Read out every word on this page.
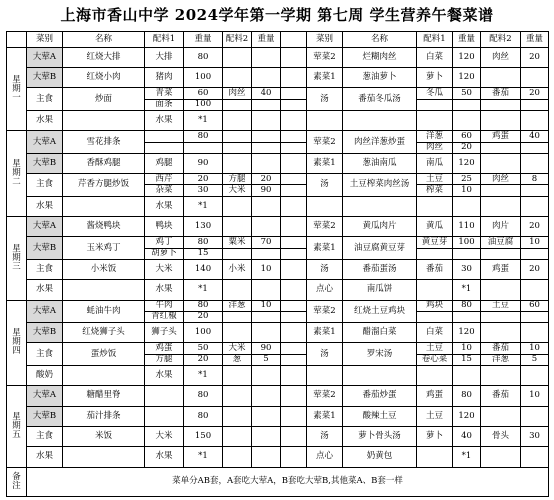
上海市香山中学 2024学年第一学期 第七周 学生营养午餐菜谱
	菜别	名称	配料1	重量	配料2	重量		菜别	名称	配料1	重量	配料2	重量

星
期
一	大荤A	红烧大排	大排	80				荤菜2	烂糊肉丝	白菜	120	肉丝	20
	大荤B	红烧小肉	猪肉	100				素菜1	葱油萝卜	萝卜	120		
	主食	炒面	青菜	60	肉丝	40		汤	番茄冬瓜汤	冬瓜	50	番茄	20
			面条	100									
	水果		水果	*1									

星
期
二	大荤A	雪花排条		80				荤菜2	肉丝洋葱炒蛋	洋葱	60	鸡蛋	40
										肉丝	20		
	大荤B	香酥鸡腿	鸡腿	90				素菜1	葱油南瓜	南瓜	120		
	主食	芹香方腿炒饭	西芹	20	方腿	20		汤	土豆榨菜肉丝汤	土豆	25	肉丝	8
			杂菜	30	大米	90				榨菜	10		
	水果		水果	*1									

星
期
三	大荤A	酱烧鸭块	鸭块	130				荤菜2	黄瓜肉片	黄瓜	110	肉片	20
	大荤B	玉米鸡丁	鸡丁	80	粟米	70		素菜1	油豆腐黄豆芽	黄豆芽	100	油豆腐	10
			胡萝卜	15									
	主食	小米饭	大米	140	小米	10		汤	番茄蛋汤	番茄	30	鸡蛋	20
	水果		水果	*1				点心	南瓜饼		*1		

星
期
四	大荤A	蚝油牛肉	牛肉	80	洋葱	10		荤菜2	红烧土豆鸡块	鸡块	80	土豆	60
			青红椒	20									
	大荤B	红烧狮子头	狮子头	100				素菜1	醋溜白菜	白菜	120		
	主食	蛋炒饭	鸡蛋	50	大米	90		汤	罗宋汤	土豆	10	番茄	10
			方腿	20	葱	5				卷心菜	15	洋葱	5
	酸奶		水果	*1									

星
期
五	大荤A	糖醋里脊		80				荤菜2	番茄炒蛋	鸡蛋	80	番茄	10
	大荤B	茄汁排条		80				素菜1	酸辣土豆	土豆	120		
	主食	米饭	大米	150				汤	萝卜骨头汤	萝卜	40	骨头	30
	水果		水果	*1				点心	奶黄包		*1		

备
注	菜单分AB套，A套吃大荤A，B套吃大荤B,其他菜A、B套一样												
